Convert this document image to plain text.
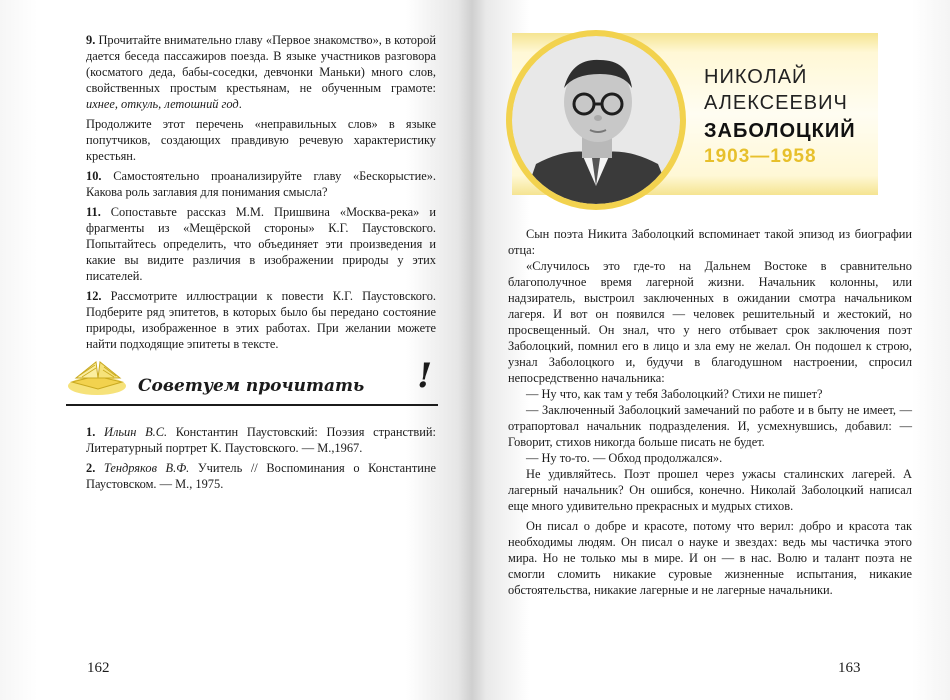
9. Прочитайте внимательно главу «Первое знакомство», в которой дается беседа пассажиров поезда. В языке участников разговора (косматого деда, бабы-соседки, девчонки Маньки) много слов, свойственных простым крестьянам, не обученным грамоте: ихнее, откуль, летошний год.

Продолжите этот перечень «неправильных слов» в языке попутчиков, создающих правдивую речевую характеристику крестьян.

10. Самостоятельно проанализируйте главу «Бескорыстие». Какова роль заглавия для понимания смысла?

11. Сопоставьте рассказ М.М. Пришвина «Москва-река» и фрагменты из «Мещёрской стороны» К.Г. Паустовского. Попытайтесь определить, что объединяет эти произведения и какие вы видите различия в изображении природы у этих писателей.

12. Рассмотрите иллюстрации к повести К.Г. Паустовского. Подберите ряд эпитетов, в которых было бы передано состояние природы, изображенное в этих работах. При желании можете найти подходящие эпитеты в тексте.

Советуем прочитать !

1. Ильин В.С. Константин Паустовский: Поэзия странствий: Литературный портрет К. Паустовского. — М.,1967.

2. Тендряков В.Ф. Учитель // Воспоминания о Константине Паустовском. — М., 1975.

162
НИКОЛАЙ
АЛЕКСЕЕВИЧ
ЗАБОЛОЦКИЙ
1903—1958

Сын поэта Никита Заболоцкий вспоминает такой эпизод из биографии отца:

«Случилось это где-то на Дальнем Востоке в сравнительно благополучное время лагерной жизни. Начальник колонны, или надзиратель, выстроил заключенных в ожидании смотра начальником лагеря. И вот он появился — человек решительный и жестокий, но просвещенный. Он знал, что у него отбывает срок заключения поэт Заболоцкий, помнил его в лицо и зла ему не желал. Он подошел к строю, узнал Заболоцкого и, будучи в благодушном настроении, спросил непосредственно начальника:

— Ну что, как там у тебя Заболоцкий? Стихи не пишет?

— Заключенный Заболоцкий замечаний по работе и в быту не имеет, — отрапортовал начальник подразделения. И, усмехнувшись, добавил: — Говорит, стихов никогда больше писать не будет.

— Ну то-то. — Обход продолжался».

Не удивляйтесь. Поэт прошел через ужасы сталинских лагерей. А лагерный начальник? Он ошибся, конечно. Николай Заболоцкий написал еще много удивительно прекрасных и мудрых стихов.

Он писал о добре и красоте, потому что верил: добро и красота так необходимы людям. Он писал о науке и звездах: ведь мы частичка этого мира. Но не только мы в мире. И он — в нас. Волю и талант поэта не смогли сломить никакие суровые жизненные испытания, никакие обстоятельства, никакие лагерные и не лагерные начальники.

163
